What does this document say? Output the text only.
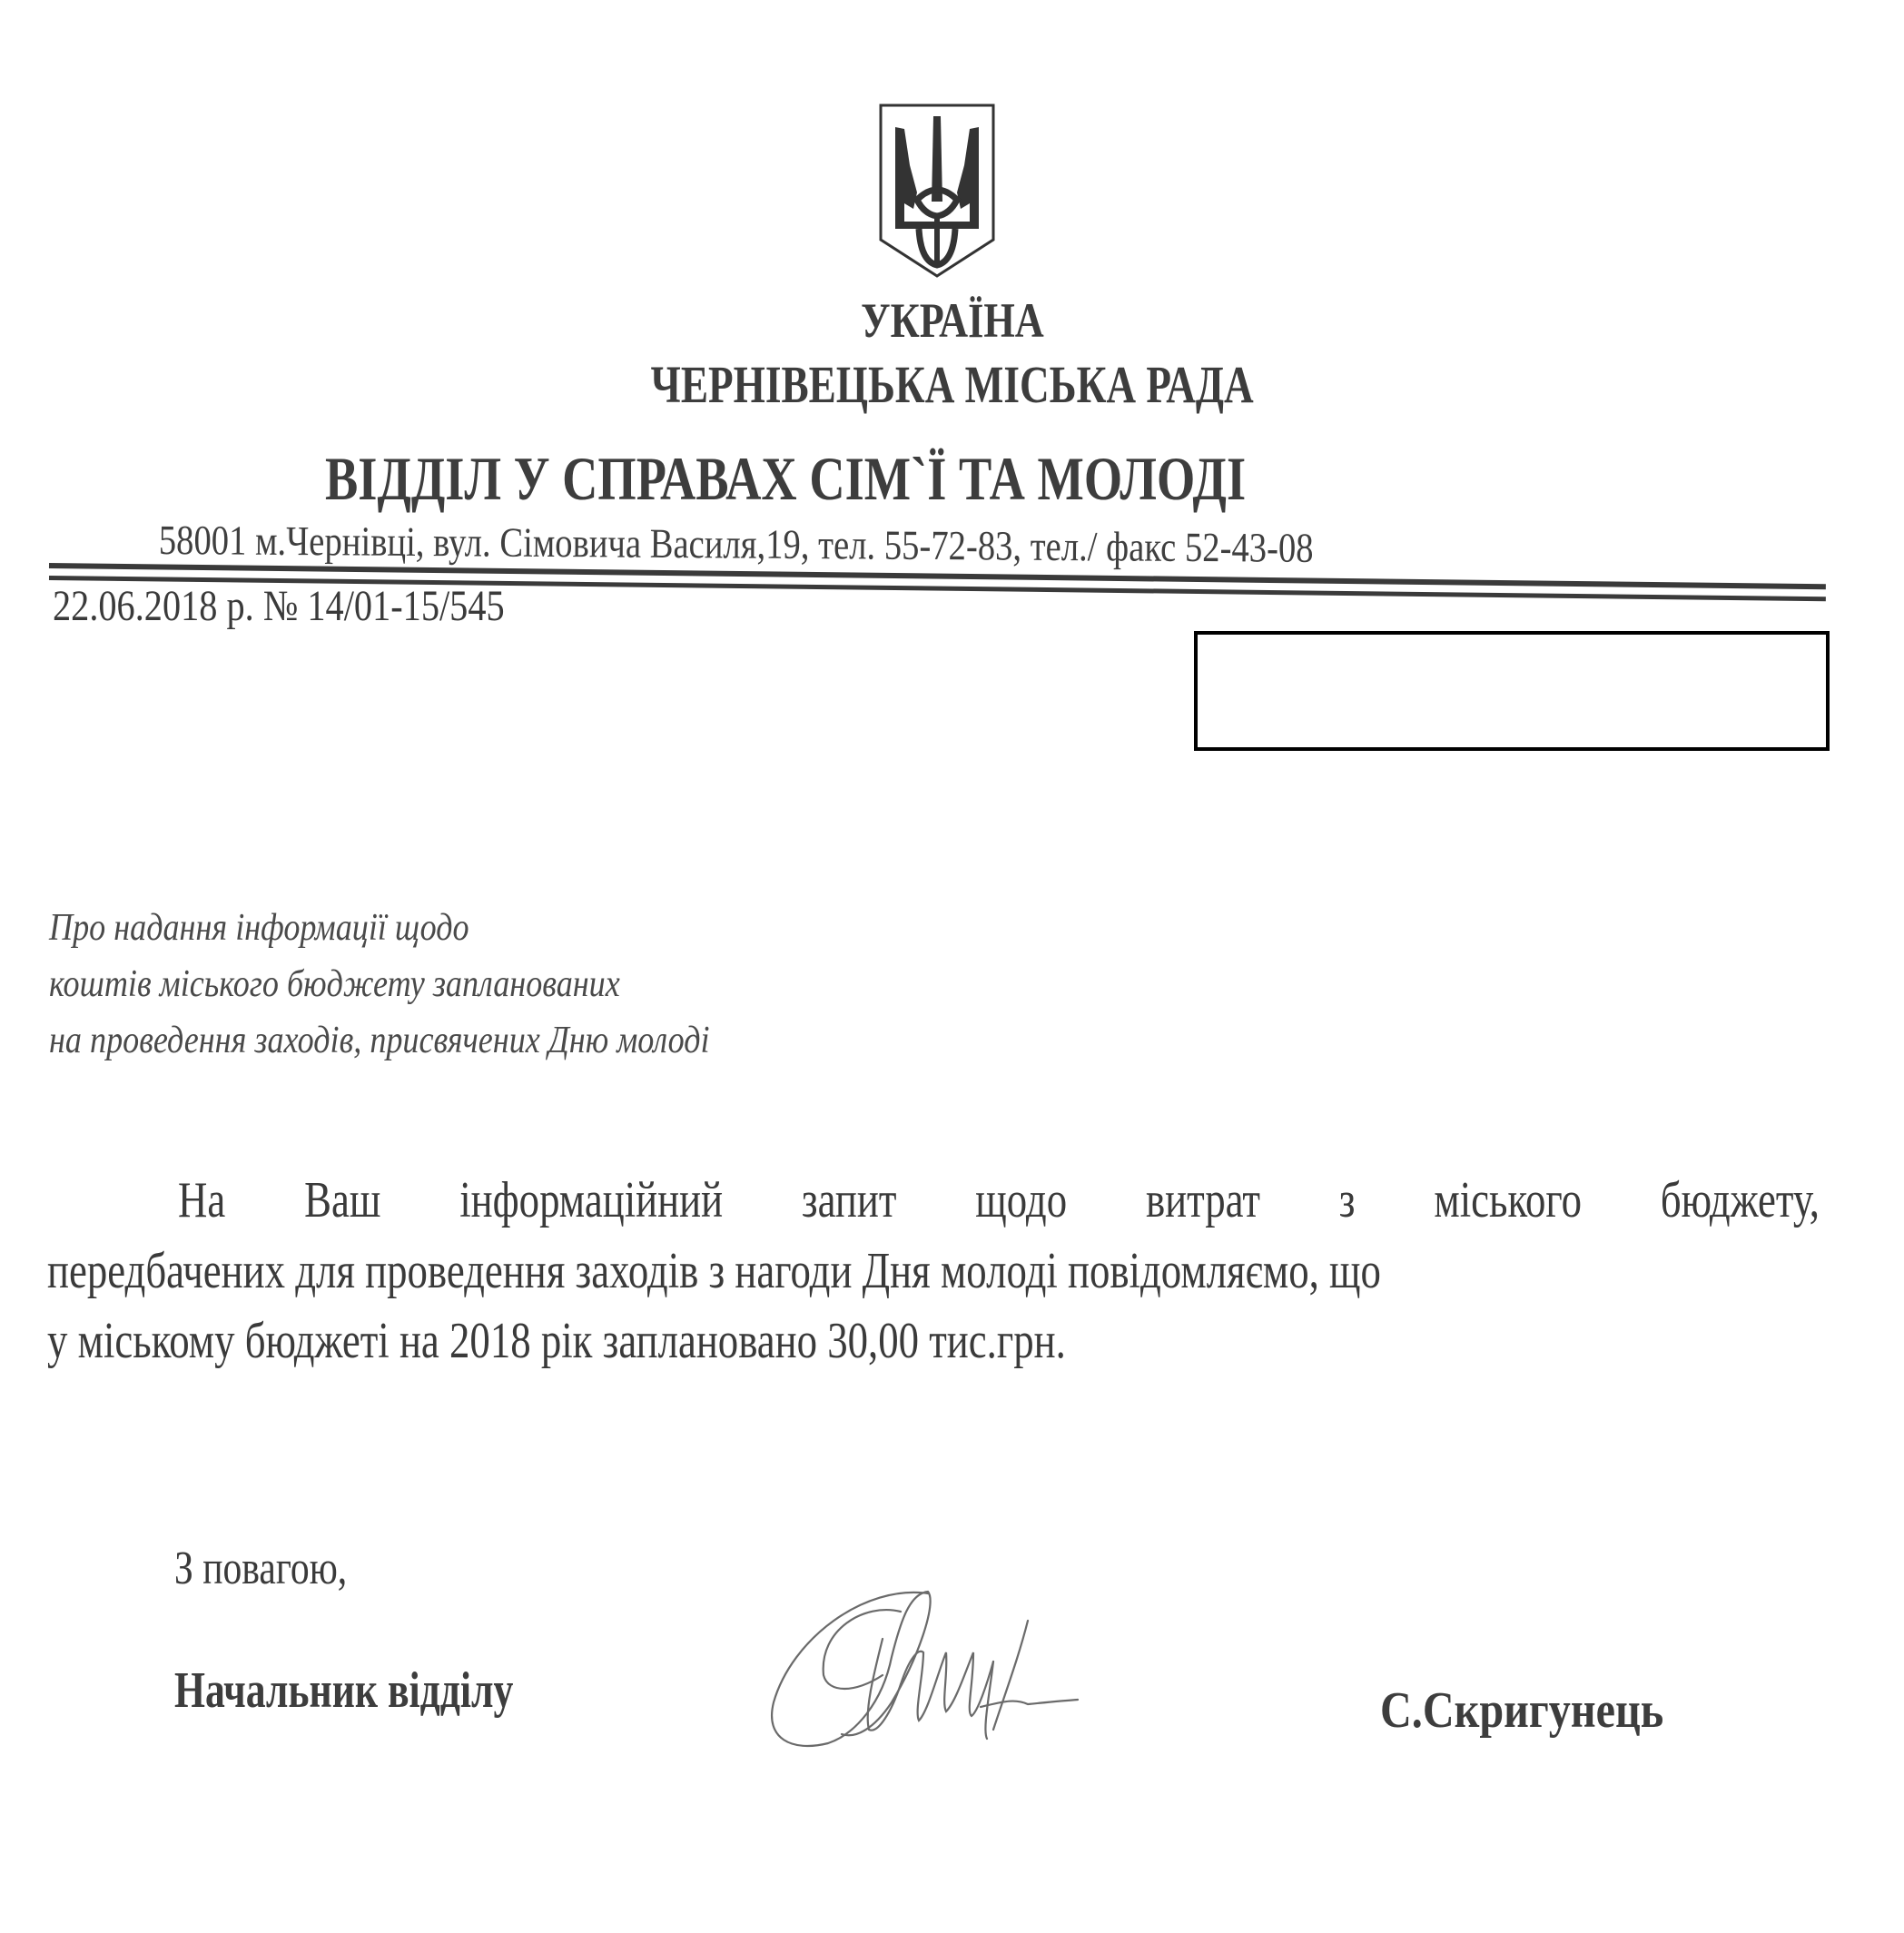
УКРАЇНА
ЧЕРНІВЕЦЬКА МІСЬКА РАДА
ВІДДІЛ У СПРАВАХ СІМ`Ї ТА МОЛОДІ
58001 м.Чернівці, вул. Сімовича Василя,19, тел. 55-72-83, тел./ факс 52-43-08
22.06.2018 р. № 14/01-15/545
Про надання інформації щодо
коштів міського бюджету запланованих
на проведення заходів, присвячених Дню молоді
На Ваш інформаційний запит щодо витрат з міського бюджету,
передбачених для проведення заходів з нагоди Дня молоді повідомляємо, що
у міському бюджеті на 2018 рік заплановано 30,00 тис.грн.
З повагою,
Начальник відділу	С.Скригунець
